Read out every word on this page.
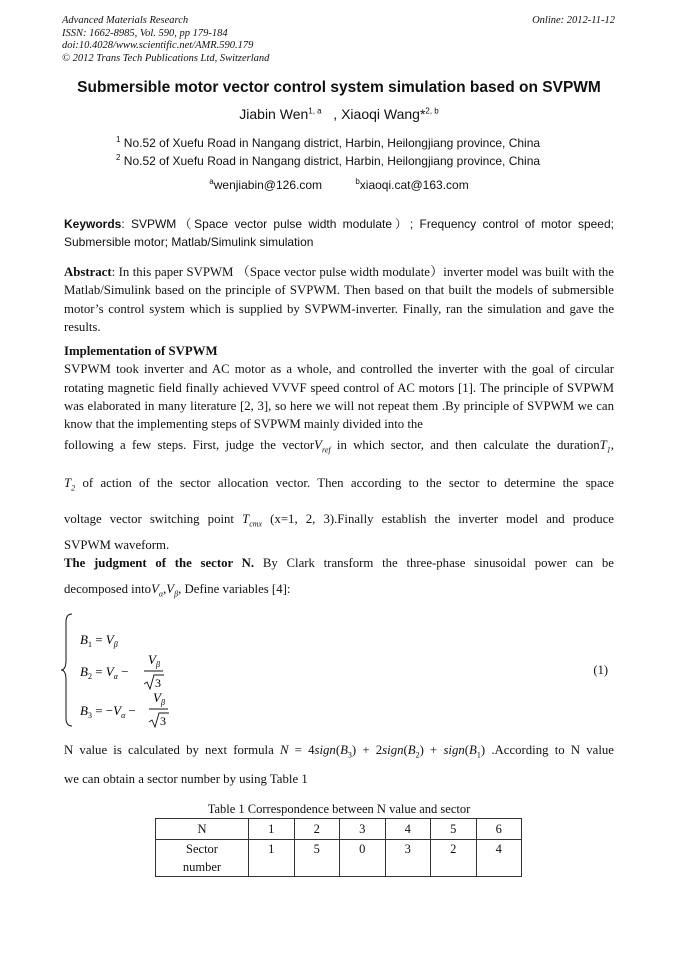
Advanced Materials Research
ISSN: 1662-8985, Vol. 590, pp 179-184
doi:10.4028/www.scientific.net/AMR.590.179
© 2012 Trans Tech Publications Ltd, Switzerland
Online: 2012-11-12
Submersible motor vector control system simulation based on SVPWM
Jiabin Wen$^{1, a}$ , Xiaoqi Wang*$^{2, b}$
$^1$ No.52 of Xuefu Road in Nangang district, Harbin, Heilongjiang province, China
$^2$ No.52 of Xuefu Road in Nangang district, Harbin, Heilongjiang province, China
$^a$wenjiabin@126.com	$^b$xiaoqi.cat@163.com
Keywords: SVPWM（Space vector pulse width modulate）; Frequency control of motor speed; Submersible motor; Matlab/Simulink simulation
Abstract: In this paper SVPWM （Space vector pulse width modulate）inverter model was built with the Matlab/Simulink based on the principle of SVPWM. Then based on that built the models of submersible motor’s control system which is supplied by SVPWM-inverter. Finally, ran the simulation and gave the results.
Implementation of SVPWM
SVPWM took inverter and AC motor as a whole, and controlled the inverter with the goal of circular rotating magnetic field finally achieved VVVF speed control of AC motors [1]. The principle of SVPWM was elaborated in many literature [2, 3], so here we will not repeat them .By principle of SVPWM we can know that the implementing steps of SVPWM mainly divided into the
following a few steps. First, judge the vectorV$_{ref}$ in which sector, and then calculate the durationT$_1$,
$T_2$ of action of the sector allocation vector. Then according to the sector to determine the space
voltage vector switching point $T_{cmx}$ (x=1, 2, 3).Finally establish the inverter model and produce
SVPWM waveform.
The judgment of the sector N. By Clark transform the three-phase sinusoidal power can be
decomposed $intoV_\alpha,V_\beta$, Define variables [4]:
$B_1 = V_\beta$
$B_2 = V_\alpha$ −
$V_\beta$
3
$B_3 = -V_\alpha$ −
$V_\beta$
3
(1)
N value is calculated by next formula $N = 4sign(B_3)$ + $2sign(B_2)$ + $sign(B_1)$ .According to N value
we can obtain a sector number by using Table 1
Table 1 Correspondence between N value and sector
N	1	2	3	4	5	6
Sector
number	1	5	0	3	2	4
